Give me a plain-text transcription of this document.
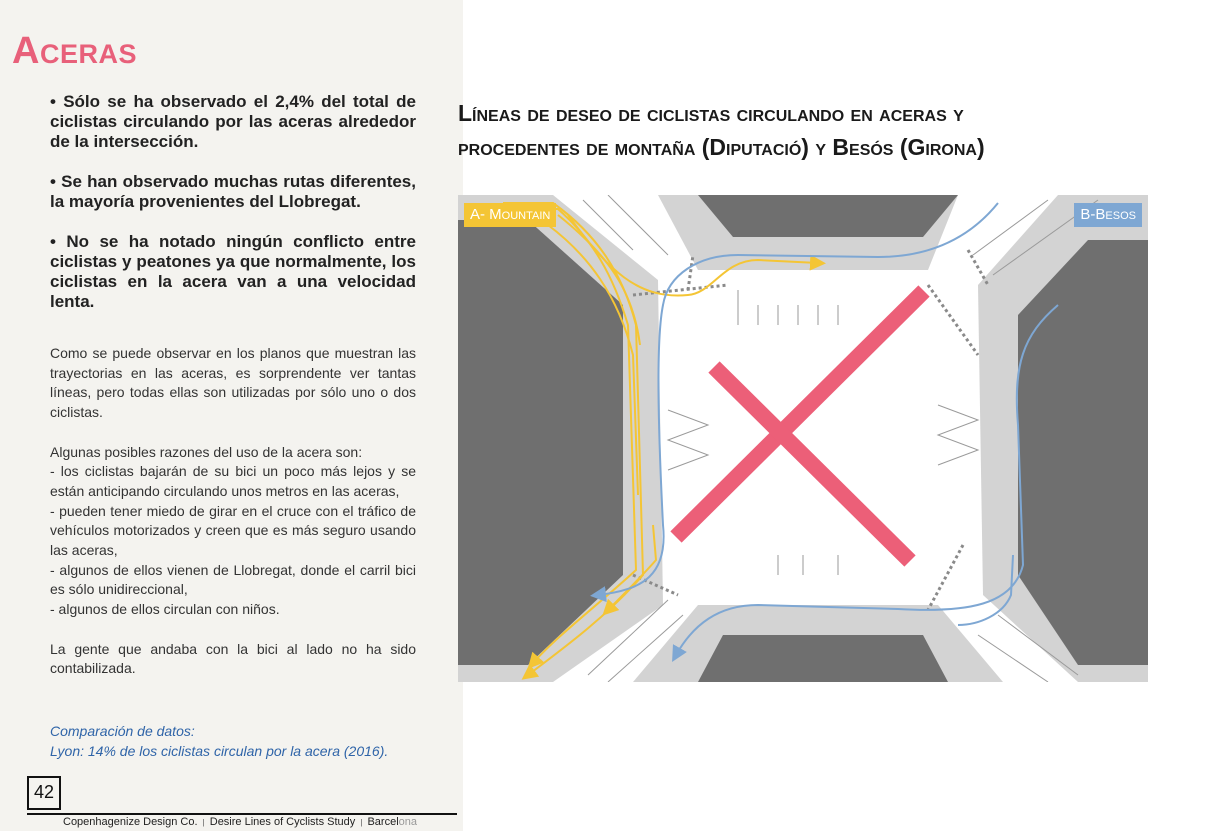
Aceras

• Sólo se ha observado el 2,4% del total de ciclistas circulando por las aceras alrededor de la intersección.

• Se han observado muchas rutas diferentes, la mayoría provenientes del Llobregat.

• No se ha notado ningún conflicto entre ciclistas y peatones ya que normalmente, los ciclistas en la acera van a una velocidad lenta.

Como se puede observar en los planos que muestran las trayectorias en las aceras, es sorprendente ver tantas líneas, pero todas ellas son utilizadas por sólo uno o dos ciclistas.

Algunas posibles razones del uso de la acera son:
- los ciclistas bajarán de su bici un poco más lejos y se están anticipando circulando unos metros en las aceras,
- pueden tener miedo de girar en el cruce con el tráfico de vehículos motorizados y creen que es más seguro usando las aceras,
- algunos de ellos vienen de Llobregat, donde el carril bici es sólo unidireccional,
- algunos de ellos circulan con niños.

La gente que andaba con la bici al lado no ha sido contabilizada.

Comparación de datos:
Lyon: 14% de los ciclistas circulan por la acera (2016).
42
Copenhagenize Design Co. | Desire Lines of Cyclists Study | Barcelona
Líneas de deseo de ciclistas circulando en aceras y
procedentes de montaña (Diputació) y Besós (Girona)
A- Mountain	B-Besos
